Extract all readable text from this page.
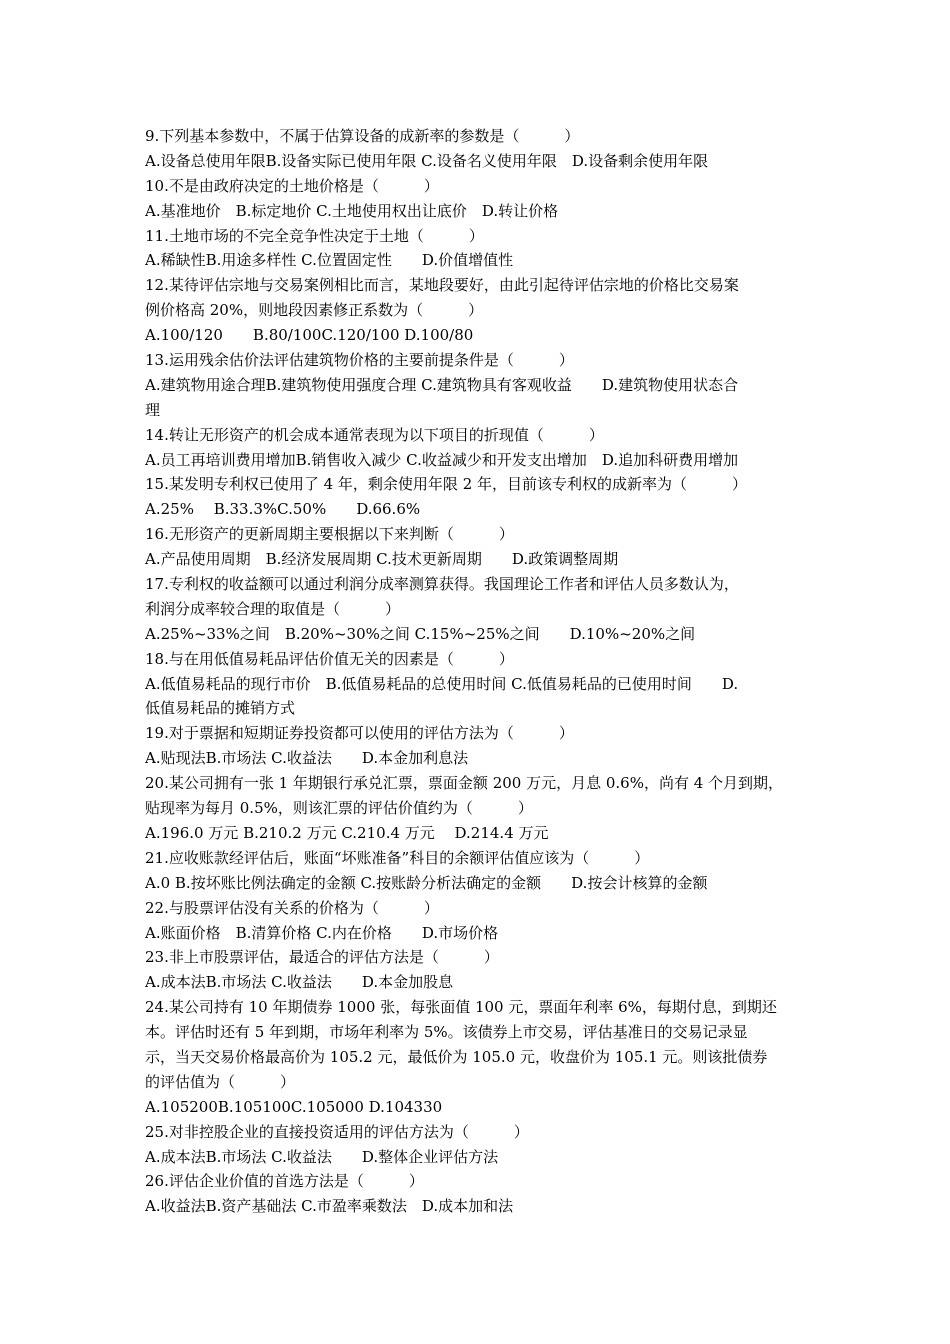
9.下列基本参数中，不属于估算设备的成新率的参数是（　　　）
A.设备总使用年限B.设备实际已使用年限 C.设备名义使用年限　D.设备剩余使用年限
10.不是由政府决定的土地价格是（　　　）
A.基准地价　B.标定地价 C.土地使用权出让底价　D.转让价格
11.土地市场的不完全竞争性决定于土地（　　　）
A.稀缺性B.用途多样性 C.位置固定性　　D.价值增值性
12.某待评估宗地与交易案例相比而言，某地段要好，由此引起待评估宗地的价格比交易案
例价格高 20%，则地段因素修正系数为（　　　）
A.100/120　　B.80/100C.120/100 D.100/80
13.运用残余估价法评估建筑物价格的主要前提条件是（　　　）
A.建筑物用途合理B.建筑物使用强度合理 C.建筑物具有客观收益　　D.建筑物使用状态合
理
14.转让无形资产的机会成本通常表现为以下项目的折现值（　　　）
A.员工再培训费用增加B.销售收入减少 C.收益减少和开发支出增加　D.追加科研费用增加
15.某发明专利权已使用了 4 年，剩余使用年限 2 年，目前该专利权的成新率为（　　　）
A.25%　 B.33.3%C.50%　　D.66.6%
16.无形资产的更新周期主要根据以下来判断（　　　）
A.产品使用周期　B.经济发展周期 C.技术更新周期　　D.政策调整周期
17.专利权的收益额可以通过利润分成率测算获得。我国理论工作者和评估人员多数认为，
利润分成率较合理的取值是（　　　）
A.25%~33%之间　B.20%~30%之间 C.15%~25%之间　　D.10%~20%之间
18.与在用低值易耗品评估价值无关的因素是（　　　）
A.低值易耗品的现行市价　B.低值易耗品的总使用时间 C.低值易耗品的已使用时间　　D.
低值易耗品的摊销方式
19.对于票据和短期证券投资都可以使用的评估方法为（　　　）
A.贴现法B.市场法 C.收益法　　D.本金加利息法
20.某公司拥有一张 1 年期银行承兑汇票，票面金额 200 万元，月息 0.6%，尚有 4 个月到期，
贴现率为每月 0.5%，则该汇票的评估价值约为（　　　）
A.196.0 万元 B.210.2 万元 C.210.4 万元　 D.214.4 万元
21.应收账款经评估后，账面“坏账准备”科目的余额评估值应该为（　　　）
A.0 B.按坏账比例法确定的金额 C.按账龄分析法确定的金额　　D.按会计核算的金额
22.与股票评估没有关系的价格为（　　　）
A.账面价格　B.清算价格 C.内在价格　　D.市场价格
23.非上市股票评估，最适合的评估方法是（　　　）
A.成本法B.市场法 C.收益法　　D.本金加股息
24.某公司持有 10 年期债券 1000 张，每张面值 100 元，票面年利率 6%，每期付息，到期还
本。评估时还有 5 年到期，市场年利率为 5%。该债券上市交易，评估基准日的交易记录显
示，当天交易价格最高价为 105.2 元，最低价为 105.0 元，收盘价为 105.1 元。则该批债券
的评估值为（　　　）
A.105200B.105100C.105000 D.104330
25.对非控股企业的直接投资适用的评估方法为（　　　）
A.成本法B.市场法 C.收益法　　D.整体企业评估方法
26.评估企业价值的首选方法是（　　　）
A.收益法B.资产基础法 C.市盈率乘数法　D.成本加和法
